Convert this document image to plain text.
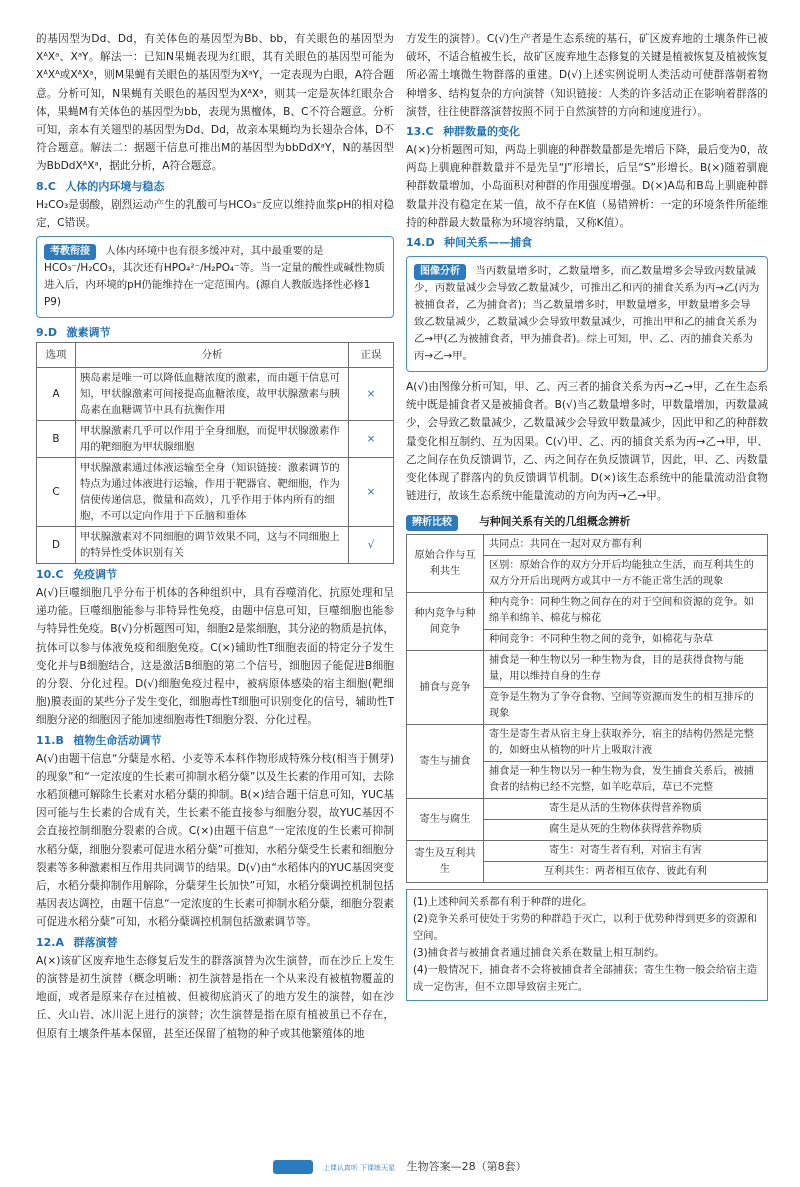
的基因型为Dd、Dd，有关体色的基因型为Bb、bb，有关眼色的基因型为XᴬXᵃ、XᵃY。解法一：已知N果蝇表现为红眼，其有关眼色的基因型可能为XᴬXᴬ或XᴬXᵃ，则M果蝇有关眼色的基因型为XᵃY，一定表现为白眼，A符合题意。分析可知，N果蝇有关眼色的基因型为XᴬXᵃ，则其一定是灰体红眼杂合体，果蝇M有关体色的基因型为bb，表现为黑檀体，B、C不符合题意。分析可知，亲本有关翅型的基因型为Dd、Dd，故亲本果蝇均为长翅杂合体，D不符合题意。解法二：据题干信息可推出M的基因型为bbDdXᵃY，N的基因型为BbDdXᴬXᵃ，据此分析，A符合题意。

8.C 人体的内环境与稳态

H₂CO₃是弱酸，剧烈运动产生的乳酸可与HCO₃⁻反应以维持血浆pH的相对稳定，C错误。

考教衔接 人体内环境中也有很多缓冲对，其中最重要的是HCO₃⁻/H₂CO₃，其次还有HPO₄²⁻/H₂PO₄⁻等。当一定量的酸性或碱性物质进入后，内环境的pH仍能维持在一定范围内。(源自人教版选择性必修1 P9)
9.D 激素调节
选项	分析	正误
A	胰岛素是唯一可以降低血糖浓度的激素，而由题干信息可知，甲状腺激素可间接提高血糖浓度，故甲状腺激素与胰岛素在血糖调节中具有抗衡作用	×
B	甲状腺激素几乎可以作用于全身细胞，而促甲状腺激素作用的靶细胞为甲状腺细胞	×
C	甲状腺激素通过体液运输至全身（知识链接：激素调节的特点为通过体液进行运输，作用于靶器官、靶细胞，作为信使传递信息，微量和高效），几乎作用于体内所有的细胞，不可以定向作用于下丘脑和垂体	×
D	甲状腺激素对不同细胞的调节效果不同，这与不同细胞上的特异性受体识别有关	√
10.C 免疫调节

A(√)巨噬细胞几乎分布于机体的各种组织中，具有吞噬消化、抗原处理和呈递功能。巨噬细胞能参与非特异性免疫，由题中信息可知，巨噬细胞也能参与特异性免疫。B(√)分析题图可知，细胞2是浆细胞，其分泌的物质是抗体，抗体可以参与体液免疫和细胞免疫。C(×)辅助性T细胞表面的特定分子发生变化并与B细胞结合，这是激活B细胞的第二个信号，细胞因子能促进B细胞的分裂、分化过程。D(√)细胞免疫过程中，被病原体感染的宿主细胞(靶细胞)膜表面的某些分子发生变化，细胞毒性T细胞可识别变化的信号，辅助性T细胞分泌的细胞因子能加速细胞毒性T细胞分裂、分化过程。

11.B 植物生命活动调节

A(√)由题干信息“分蘖是水稻、小麦等禾本科作物形成特殊分枝(相当于侧芽)的现象”和“一定浓度的生长素可抑制水稻分蘖”以及生长素的作用可知，去除水稻顶穗可解除生长素对水稻分蘖的抑制。B(×)结合题干信息可知，YUC基因可能与生长素的合成有关，生长素不能直接参与细胞分裂，故YUC基因不会直接控制细胞分裂素的合成。C(×)由题干信息“一定浓度的生长素可抑制水稻分蘖，细胞分裂素可促进水稻分蘖”可推知，水稻分蘖受生长素和细胞分裂素等多种激素相互作用共同调节的结果。D(√)由“水稻体内的YUC基因突变后，水稻分蘖抑制作用解除，分蘖芽生长加快”可知，水稻分蘖调控机制包括基因表达调控，由题干信息“一定浓度的生长素可抑制水稻分蘖，细胞分裂素可促进水稻分蘖”可知，水稻分蘖调控机制包括激素调节等。

12.A 群落演替

A(×)该矿区废弃地生态修复后发生的群落演替为次生演替，而在沙丘上发生的演替是初生演替（概念明晰：初生演替是指在一个从来没有被植物覆盖的地面，或者是原来存在过植被、但被彻底消灭了的地方发生的演替，如在沙丘、火山岩、冰川泥上进行的演替；次生演替是指在原有植被虽已不存在，但原有土壤条件基本保留，甚至还保留了植物的种子或其他繁殖体的地

方发生的演替）。C(√)生产者是生态系统的基石，矿区废弃地的土壤条件已被破坏，不适合植被生长，故矿区废弃地生态修复的关键是植被恢复及植被恢复所必需土壤微生物群落的重建。D(√)上述实例说明人类活动可使群落朝着物种增多、结构复杂的方向演替（知识链接：人类的许多活动正在影响着群落的演替，往往使群落演替按照不同于自然演替的方向和速度进行）。

13.C 种群数量的变化

A(×)分析题图可知，两岛上驯鹿的种群数量都是先增后下降，最后变为0，故两岛上驯鹿种群数量并不是先呈“J”形增长，后呈“S”形增长。B(×)随着驯鹿种群数量增加，小岛面积对种群的作用强度增强。D(×)A岛和B岛上驯鹿种群数量并没有稳定在某一值，故不存在K值（易错辨析：一定的环境条件所能维持的种群最大数量称为环境容纳量，又称K值）。

14.D 种间关系——捕食
图像分析 当丙数量增多时，乙数量增多，而乙数量增多会导致丙数量减少，丙数量减少会导致乙数量减少，可推出乙和丙的捕食关系为丙→乙(丙为被捕食者，乙为捕食者)；当乙数量增多时，甲数量增多，甲数量增多会导致乙数量减少，乙数量减少会导致甲数量减少，可推出甲和乙的捕食关系为乙→甲(乙为被捕食者，甲为捕食者)。综上可知，甲、乙、丙的捕食关系为丙→乙→甲。

A(√)由图像分析可知，甲、乙、丙三者的捕食关系为丙→乙→甲，乙在生态系统中既是捕食者又是被捕食者。B(√)当乙数量增多时，甲数量增加，丙数量减少，会导致乙数量减少，乙数量减少会导致甲数量减少，因此甲和乙的种群数量变化相互制约、互为因果。C(√)甲、乙、丙的捕食关系为丙→乙→甲，甲、乙之间存在负反馈调节，乙、丙之间存在负反馈调节，因此，甲、乙、丙数量变化体现了群落内的负反馈调节机制。D(×)该生态系统中的能量流动沿食物链进行，故该生态系统中能量流动的方向为丙→乙→甲。

辨析比较	与种间关系有关的几组概念辨析
原始合作与互利共生	共同点：共同在一起对双方都有利
	区别：原始合作的双方分开后均能独立生活，而互利共生的双方分开后出现两方或其中一方不能正常生活的现象
种内竞争与种间竞争	种内竞争：同种生物之间存在的对于空间和资源的竞争。如绵羊和绵羊、棉花与棉花
	种间竞争：不同种生物之间的竞争，如棉花与杂草
捕食与竞争	捕食是一种生物以另一种生物为食，目的是获得食物与能量，用以维持自身的生存
	竞争是生物为了争夺食物、空间等资源而发生的相互排斥的现象
寄生与捕食	寄生是寄生者从宿主身上获取养分，宿主的结构仍然是完整的，如蚜虫从植物的叶片上吸取汁液
	捕食是一种生物以另一种生物为食，发生捕食关系后，被捕食者的结构已经不完整，如羊吃草后，草已不完整
寄生与腐生	寄生是从活的生物体获得营养物质
	腐生是从死的生物体获得营养物质
寄生及互利共生	寄生：对寄生者有利，对宿主有害
	互利共生：两者相互依存、彼此有利

(1)上述种间关系都有利于种群的进化。

(2)竞争关系可使处于劣势的种群趋于灭亡，以利于优势种得到更多的资源和空间。

(3)捕食者与被捕食者通过捕食关系在数量上相互制约。

(4)一般情况下，捕食者不会将被捕食者全部捕获；寄生生物一般会给宿主造成一定伤害，但不立即导致宿主死亡。

上课认真听 下课练天星 生物答案—28（第8套）
